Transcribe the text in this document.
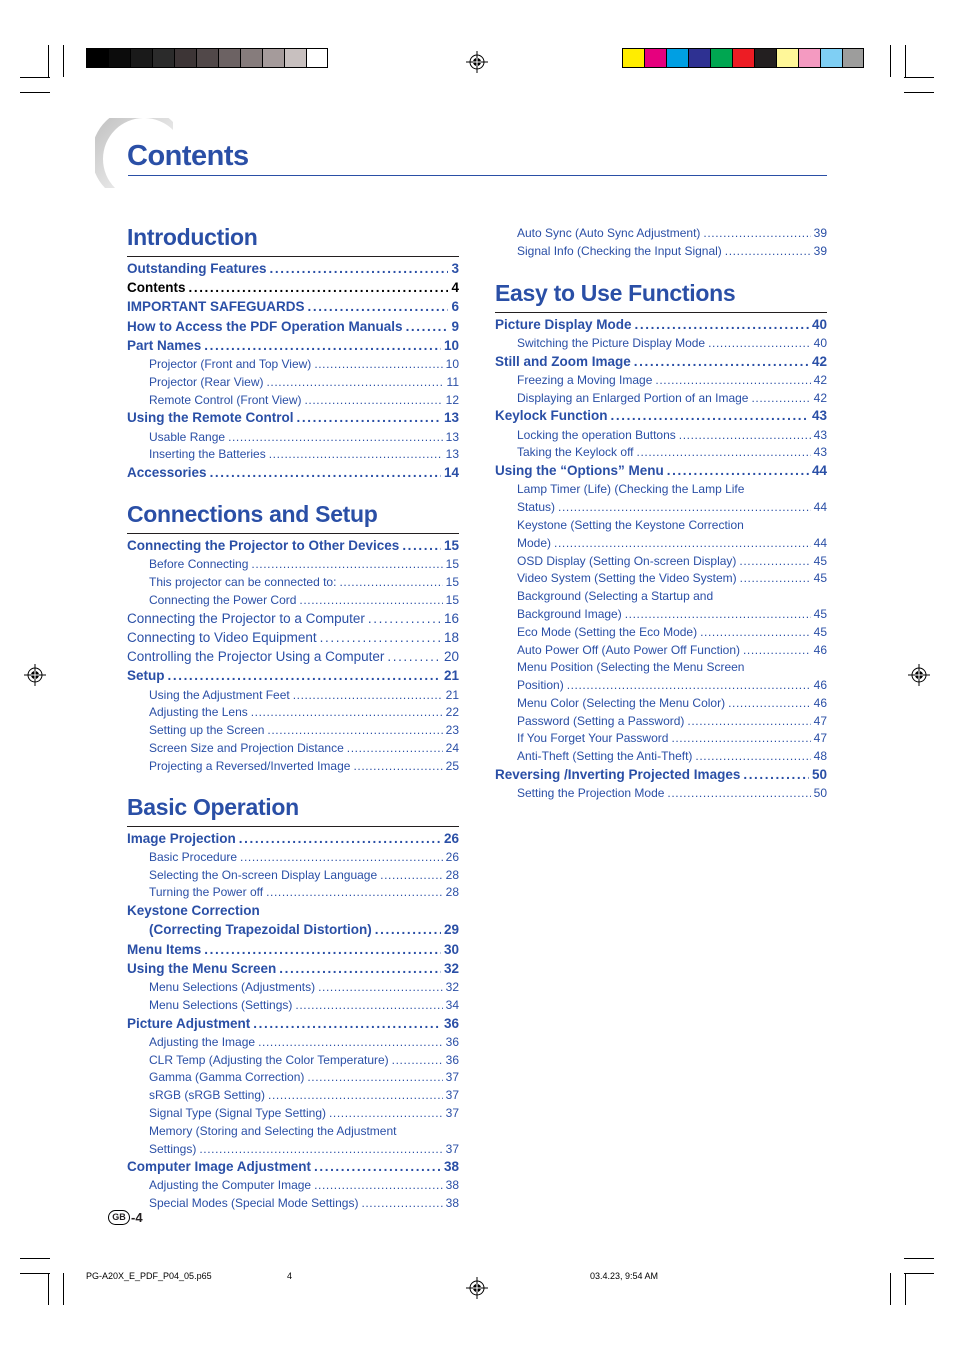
Contents
Introduction
Outstanding Features .....	3
Contents .....	4
IMPORTANT SAFEGUARDS .....	6
How to Access the PDF Operation Manuals .....	9
Part Names .....	10
Projector (Front and Top View) .....	10
Projector (Rear View) .....	11
Remote Control (Front View) .....	12
Using the Remote Control .....	13
Usable Range .....	13
Inserting the Batteries .....	13
Accessories .....	14
Connections and Setup
Connecting the Projector to Other Devices .....	15
Before Connecting .....	15
This projector can be connected to: .....	15
Connecting the Power Cord .....	15
Connecting the Projector to a Computer .....	16
Connecting to Video Equipment .....	18
Controlling the Projector Using a Computer .....	20
Setup .....	21
Using the Adjustment Feet .....	21
Adjusting the Lens .....	22
Setting up the Screen .....	23
Screen Size and Projection Distance .....	24
Projecting a Reversed/Inverted Image .....	25
Basic Operation
Image Projection .....	26
Basic Procedure .....	26
Selecting the On-screen Display Language .....	28
Turning the Power off .....	28
Keystone Correction
(Correcting Trapezoidal Distortion) .....	29
Menu Items .....	30
Using the Menu Screen .....	32
Menu Selections (Adjustments) .....	32
Menu Selections (Settings) .....	34
Picture Adjustment .....	36
Adjusting the Image .....	36
CLR Temp (Adjusting the Color Temperature) .....	36
Gamma (Gamma Correction) .....	37
sRGB (sRGB Setting) .....	37
Signal Type (Signal Type Setting) .....	37
Memory (Storing and Selecting the Adjustment
Settings) .....	37
Computer Image Adjustment .....	38
Adjusting the Computer Image .....	38
Special Modes (Special Mode Settings) .....	38
Auto Sync (Auto Sync Adjustment) .....	39
Signal Info (Checking the Input Signal) .....	39
Easy to Use Functions
Picture Display Mode .....	40
Switching the Picture Display Mode .....	40
Still and Zoom Image .....	42
Freezing a Moving Image .....	42
Displaying an Enlarged Portion of an Image .....	42
Keylock Function .....	43
Locking the operation Buttons .....	43
Taking the Keylock off .....	43
Using the “Options” Menu .....	44
Lamp Timer (Life) (Checking the Lamp Life
Status) .....	44
Keystone (Setting the Keystone Correction
Mode) .....	44
OSD Display (Setting On-screen Display) .....	45
Video System (Setting the Video System) .....	45
Background (Selecting a Startup and
Background Image) .....	45
Eco Mode (Setting the Eco Mode) .....	45
Auto Power Off (Auto Power Off Function) .....	46
Menu Position (Selecting the Menu Screen
Position) .....	46
Menu Color (Selecting the Menu Color) .....	46
Password (Setting a Password) .....	47
If You Forget Your Password .....	47
Anti-Theft (Setting the Anti-Theft) .....	48
Reversing /Inverting Projected Images .....	50
Setting the Projection Mode .....	50
GB -4
PG-A20X_E_PDF_P04_05.p65	4	03.4.23, 9:54 AM
